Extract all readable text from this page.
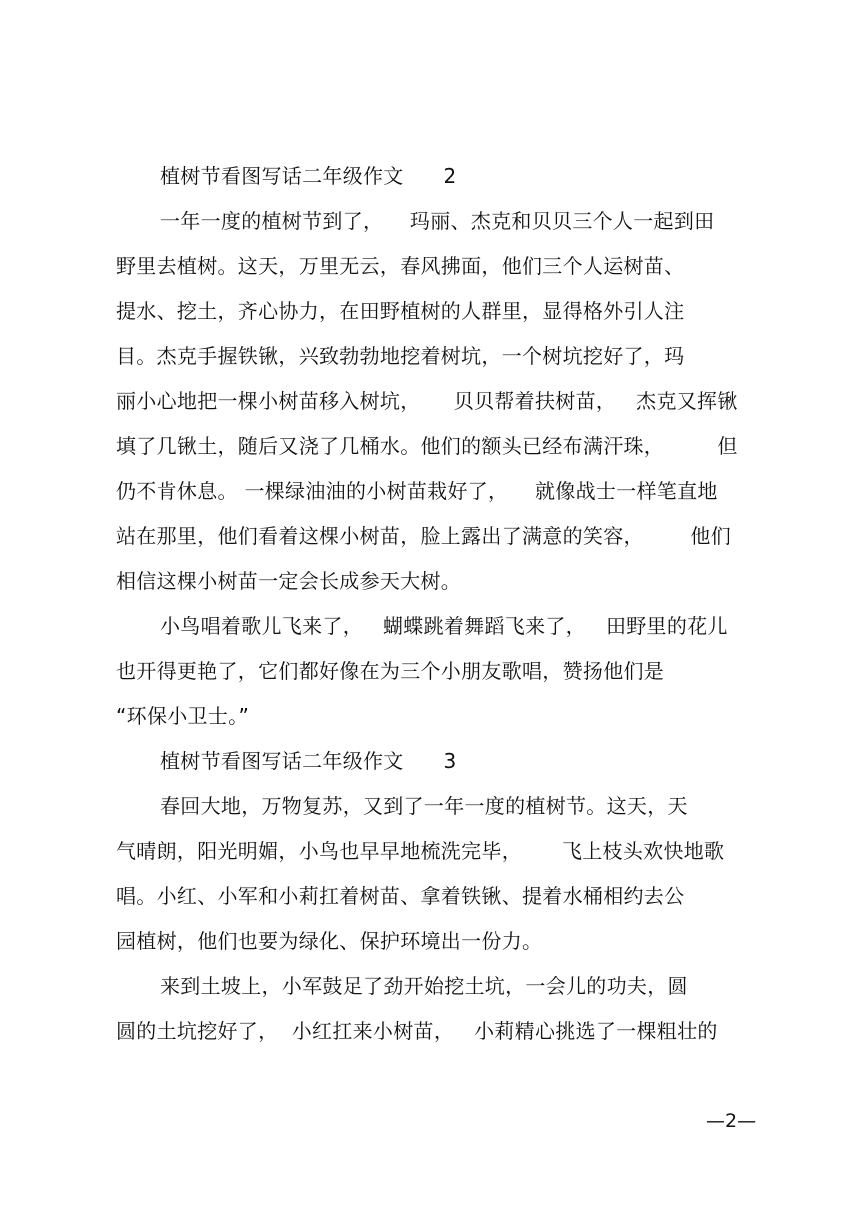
植树节看图写话二年级作文      2
一年一度的植树节到了，    玛丽、杰克和贝贝三个人一起到田
野里去植树。这天，万里无云，春风拂面，他们三个人运树苗、
提水、挖土，齐心协力，在田野植树的人群里，显得格外引人注
目。杰克手握铁锹，兴致勃勃地挖着树坑，一个树坑挖好了，玛
丽小心地把一棵小树苗移入树坑，     贝贝帮着扶树苗，   杰克又挥锹
填了几锹土，随后又浇了几桶水。他们的额头已经布满汗珠，        但
仍不肯休息。 一棵绿油油的小树苗栽好了，    就像战士一样笔直地
站在那里，他们看着这棵小树苗，脸上露出了满意的笑容，       他们
相信这棵小树苗一定会长成参天大树。
小鸟唱着歌儿飞来了，   蝴蝶跳着舞蹈飞来了，   田野里的花儿
也开得更艳了，它们都好像在为三个小朋友歌唱，赞扬他们是
“环保小卫士。”
植树节看图写话二年级作文      3
春回大地，万物复苏，又到了一年一度的植树节。这天，天
气晴朗，阳光明媚，小鸟也早早地梳洗完毕，      飞上枝头欢快地歌
唱。小红、小军和小莉扛着树苗、拿着铁锹、提着水桶相约去公
园植树，他们也要为绿化、保护环境出一份力。
来到土坡上，小军鼓足了劲开始挖土坑，一会儿的功夫，圆
圆的土坑挖好了，  小红扛来小树苗，   小莉精心挑选了一棵粗壮的
—2—
